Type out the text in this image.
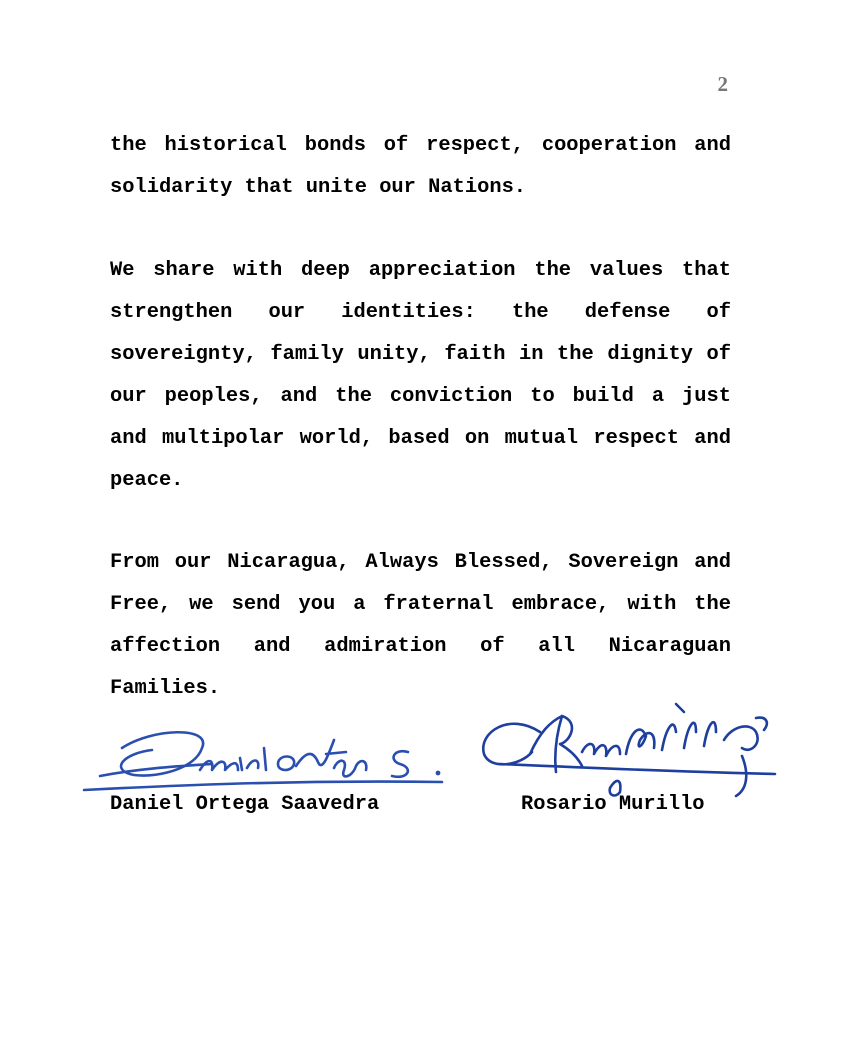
2
the historical bonds of respect, cooperation and solidarity that unite our Nations.
We share with deep appreciation the values that strengthen our identities: the defense of sovereignty, family unity, faith in the dignity of our peoples, and the conviction to build a just and multipolar world, based on mutual respect and peace.
From our Nicaragua, Always Blessed, Sovereign and Free, we send you a fraternal embrace, with the affection and admiration of all Nicaraguan Families.
Daniel Ortega Saavedra	Rosario Murillo
